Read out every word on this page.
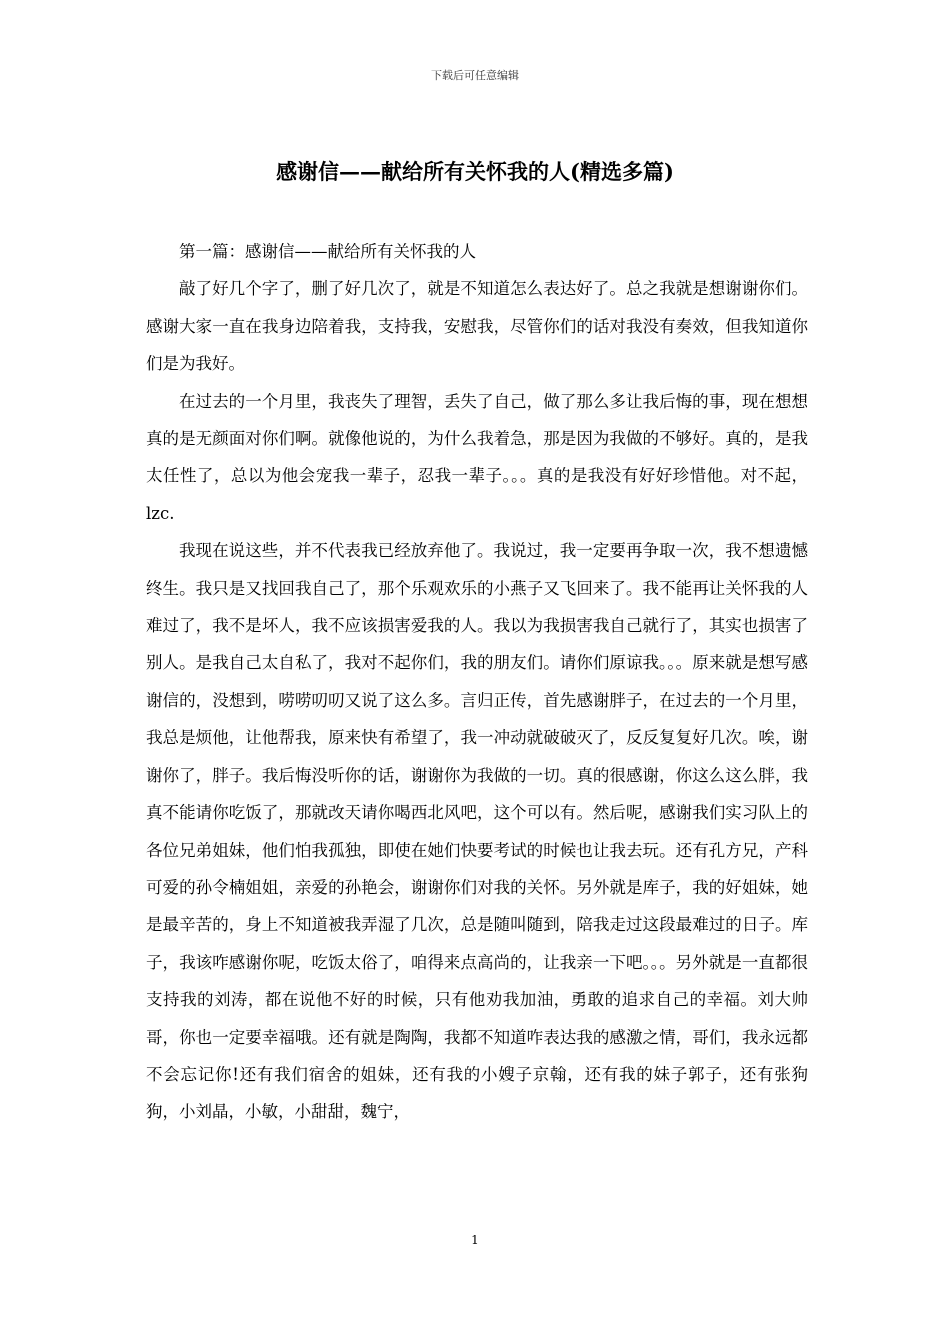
下载后可任意编辑
感谢信——献给所有关怀我的人(精选多篇)
第一篇：感谢信——献给所有关怀我的人

敲了好几个字了，删了好几次了，就是不知道怎么表达好了。总之我就是想谢谢你们。感谢大家一直在我身边陪着我，支持我，安慰我，尽管你们的话对我没有奏效，但我知道你们是为我好。

在过去的一个月里，我丧失了理智，丢失了自己，做了那么多让我后悔的事，现在想想真的是无颜面对你们啊。就像他说的，为什么我着急，那是因为我做的不够好。真的，是我太任性了，总以为他会宠我一辈子，忍我一辈子。。。真的是我没有好好珍惜他。对不起，lzc.

我现在说这些，并不代表我已经放弃他了。我说过，我一定要再争取一次，我不想遗憾终生。我只是又找回我自己了，那个乐观欢乐的小燕子又飞回来了。我不能再让关怀我的人难过了，我不是坏人，我不应该损害爱我的人。我以为我损害我自己就行了，其实也损害了别人。是我自己太自私了，我对不起你们，我的朋友们。请你们原谅我。。。原来就是想写感谢信的，没想到，唠唠叨叨又说了这么多。言归正传，首先感谢胖子，在过去的一个月里，我总是烦他，让他帮我，原来快有希望了，我一冲动就破破灭了，反反复复好几次。唉，谢谢你了，胖子。我后悔没听你的话，谢谢你为我做的一切。真的很感谢，你这么这么胖，我真不能请你吃饭了，那就改天请你喝西北风吧，这个可以有。然后呢，感谢我们实习队上的各位兄弟姐妹，他们怕我孤独，即使在她们快要考试的时候也让我去玩。还有孔方兄，产科可爱的孙令楠姐姐，亲爱的孙艳会，谢谢你们对我的关怀。另外就是库子，我的好姐妹，她是最辛苦的，身上不知道被我弄湿了几次，总是随叫随到，陪我走过这段最难过的日子。库子，我该咋感谢你呢，吃饭太俗了，咱得来点高尚的，让我亲一下吧。。。另外就是一直都很支持我的刘涛，都在说他不好的时候，只有他劝我加油，勇敢的追求自己的幸福。刘大帅哥，你也一定要幸福哦。还有就是陶陶，我都不知道咋表达我的感激之情，哥们，我永远都不会忘记你!还有我们宿舍的姐妹，还有我的小嫂子京翰，还有我的妹子郭子，还有张狗狗，小刘晶，小敏，小甜甜，魏宁，

1
